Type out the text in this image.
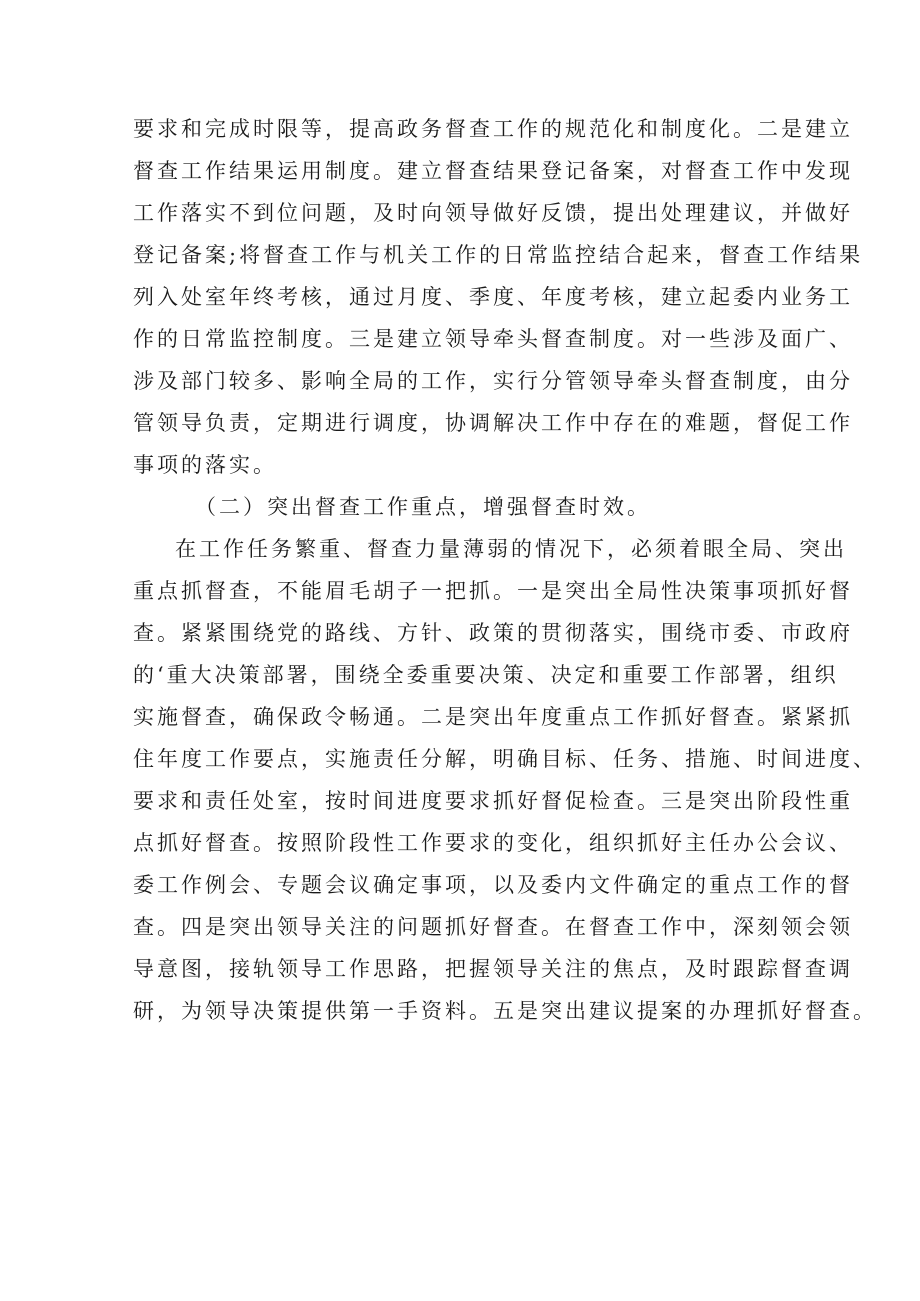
要求和完成时限等，提高政务督查工作的规范化和制度化。二是建立
督查工作结果运用制度。建立督查结果登记备案，对督查工作中发现
工作落实不到位问题，及时向领导做好反馈，提出处理建议，并做好
登记备案;将督查工作与机关工作的日常监控结合起来，督查工作结果
列入处室年终考核，通过月度、季度、年度考核，建立起委内业务工
作的日常监控制度。三是建立领导牵头督查制度。对一些涉及面广、
涉及部门较多、影响全局的工作，实行分管领导牵头督查制度，由分
管领导负责，定期进行调度，协调解决工作中存在的难题，督促工作
事项的落实。
（二）突出督查工作重点，增强督查时效。
在工作任务繁重、督查力量薄弱的情况下，必须着眼全局、突出
重点抓督查，不能眉毛胡子一把抓。一是突出全局性决策事项抓好督
查。紧紧围绕党的路线、方针、政策的贯彻落实，围绕市委、市政府
的‘重大决策部署，围绕全委重要决策、决定和重要工作部署，组织
实施督查，确保政令畅通。二是突出年度重点工作抓好督查。紧紧抓
住年度工作要点，实施责任分解，明确目标、任务、措施、时间进度、
要求和责任处室，按时间进度要求抓好督促检查。三是突出阶段性重
点抓好督查。按照阶段性工作要求的变化，组织抓好主任办公会议、
委工作例会、专题会议确定事项，以及委内文件确定的重点工作的督
查。四是突出领导关注的问题抓好督查。在督查工作中，深刻领会领
导意图，接轨领导工作思路，把握领导关注的焦点，及时跟踪督查调
研，为领导决策提供第一手资料。五是突出建议提案的办理抓好督查。
